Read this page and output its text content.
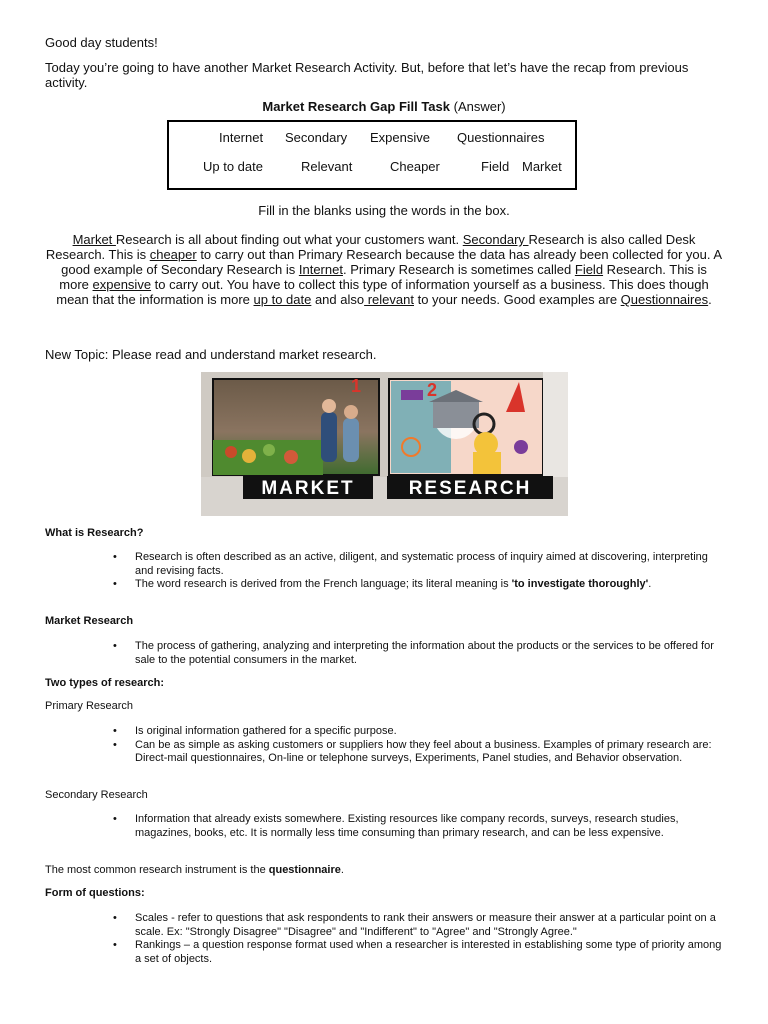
Good day students!
Today you’re going to have another Market Research Activity. But, before that let’s have the recap from previous activity.
Market Research Gap Fill Task (Answer)
Internet Secondary Expensive Questionnaires
Up to date	Relevant	Cheaper	Field Market
Fill in the blanks using the words in the box.
Market Research is all about finding out what your customers want. Secondary Research is also called Desk Research. This is cheaper to carry out than Primary Research because the data has already been collected for you. A good example of Secondary Research is Internet. Primary Research is sometimes called Field Research. This is more expensive to carry out. You have to collect this type of information yourself as a business. This does though mean that the information is more up to date and also relevant to your needs. Good examples are Questionnaires.
New Topic: Please read and understand market research.
1	2
MARKET	RESEARCH
What is Research?
• Research is often described as an active, diligent, and systematic process of inquiry aimed at discovering, interpreting and revising facts.
• The word research is derived from the French language; its literal meaning is 'to investigate thoroughly'.
Market Research
• The process of gathering, analyzing and interpreting the information about the products or the services to be offered for sale to the potential consumers in the market.
Two types of research:
Primary Research
• Is original information gathered for a specific purpose.
• Can be as simple as asking customers or suppliers how they feel about a business. Examples of primary research are: Direct-mail questionnaires, On-line or telephone surveys, Experiments, Panel studies, and Behavior observation.
Secondary Research
• Information that already exists somewhere. Existing resources like company records, surveys, research studies, magazines, books, etc. It is normally less time consuming than primary research, and can be less expensive.
The most common research instrument is the questionnaire.
Form of questions:
• Scales - refer to questions that ask respondents to rank their answers or measure their answer at a particular point on a scale. Ex: "Strongly Disagree" "Disagree" and "Indifferent" to "Agree" and "Strongly Agree."
• Rankings – a question response format used when a researcher is interested in establishing some type of priority among a set of objects.
